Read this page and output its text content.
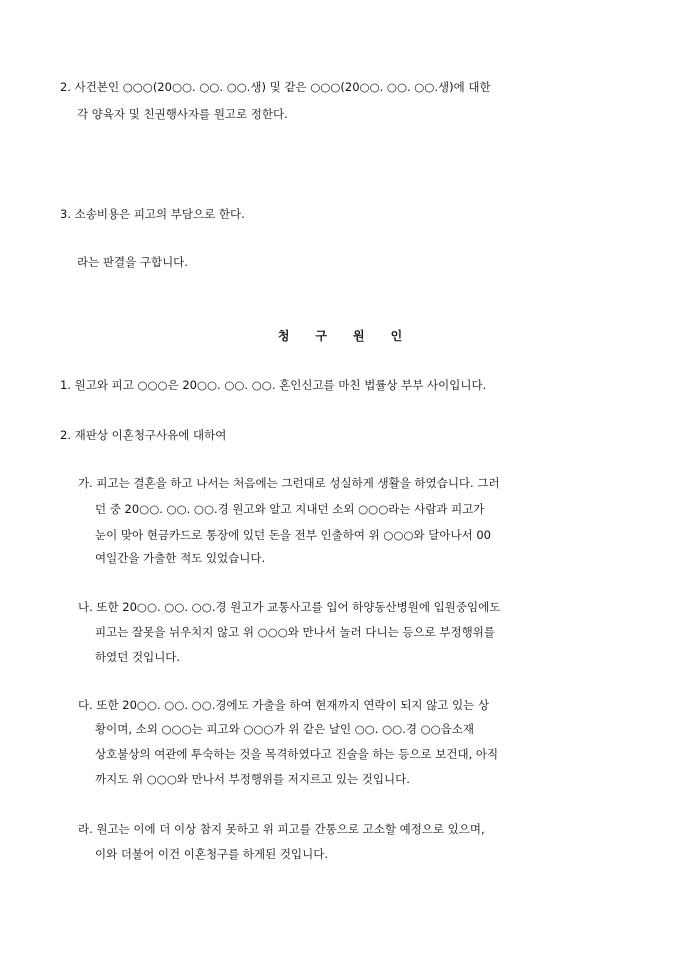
2. 사건본인 ○○○(20○○. ○○. ○○.생) 및 같은 ○○○(20○○. ○○. ○○.생)에 대한
각 양육자 및 친권행사자를 원고로 정한다.
3. 소송비용은 피고의 부담으로 한다.
라는 판결을 구합니다.
청구원인
1. 원고와 피고 ○○○은 20○○. ○○. ○○. 혼인신고를 마친 법률상 부부 사이입니다.
2. 재판상 이혼청구사유에 대하여
가. 피고는 결혼을 하고 나서는 처음에는 그런대로 성실하게 생활을 하였습니다. 그러
던 중 20○○. ○○. ○○.경 원고와 알고 지내던 소외 ○○○라는 사람과 피고가
눈이 맞아 현금카드로 통장에 있던 돈을 전부 인출하여 위 ○○○와 달아나서 00
여일간을 가출한 적도 있었습니다.
나. 또한 20○○. ○○. ○○.경 원고가 교통사고를 입어 하양동산병원에 입원중임에도
피고는 잘못을 뉘우치지 않고 위 ○○○와 만나서 놀러 다니는 등으로 부정행위를
하였던 것입니다.
다. 또한 20○○. ○○. ○○.경에도 가출을 하여 현재까지 연락이 되지 않고 있는 상
황이며, 소외 ○○○는 피고와 ○○○가 위 같은 날인 ○○. ○○.경 ○○읍소재
상호불상의 여관에 투숙하는 것을 목격하였다고 진술을 하는 등으로 보건대, 아직
까지도 위 ○○○와 만나서 부정행위를 저지르고 있는 것입니다.
라. 원고는 이에 더 이상 참지 못하고 위 피고를 간통으로 고소할 예정으로 있으며,
이와 더불어 이건 이혼청구를 하게된 것입니다.
